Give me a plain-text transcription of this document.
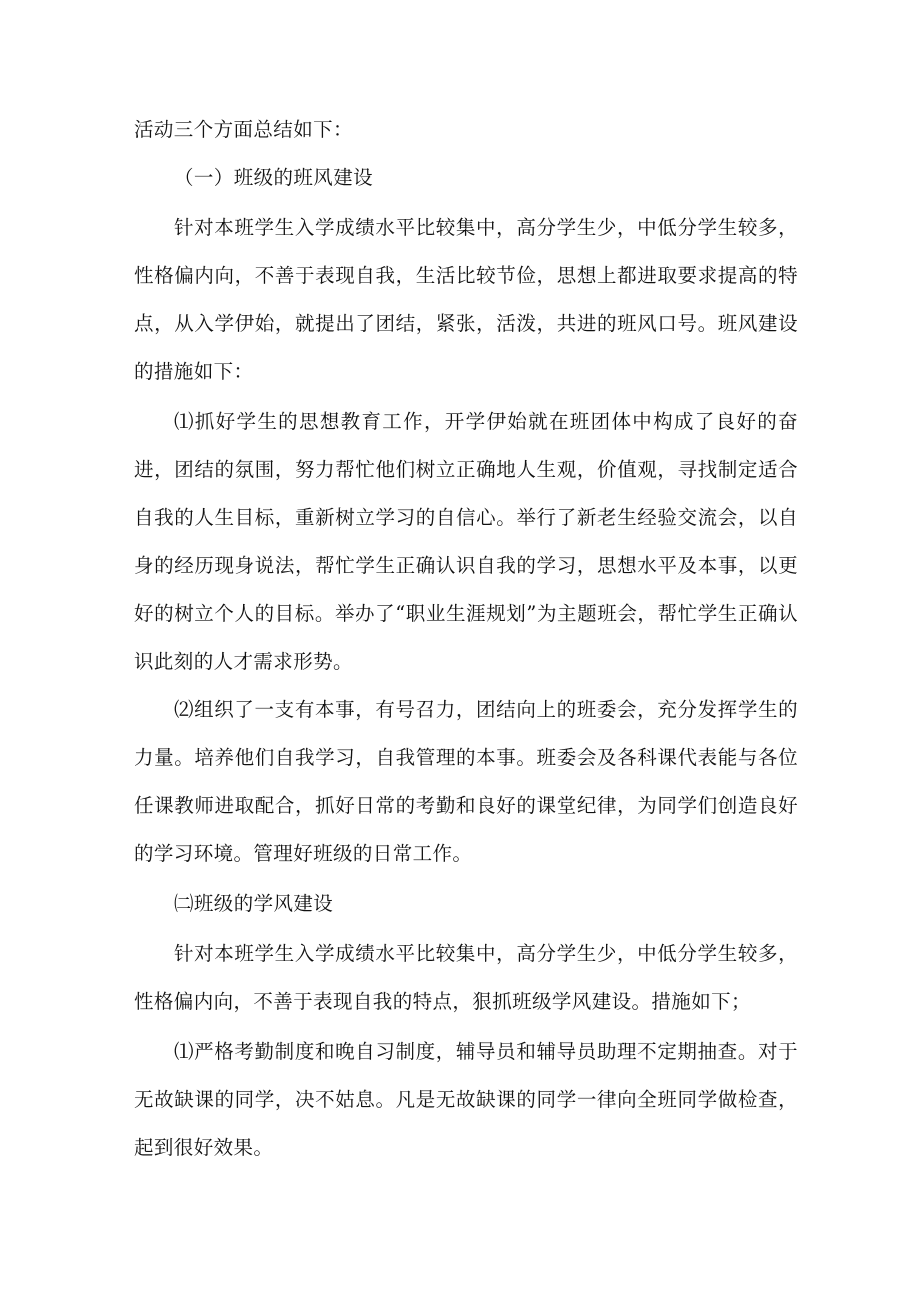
活动三个方面总结如下：

（一）班级的班风建设

针对本班学生入学成绩水平比较集中，高分学生少，中低分学生较多，性格偏内向，不善于表现自我，生活比较节俭，思想上都进取要求提高的特点，从入学伊始，就提出了团结，紧张，活泼，共进的班风口号。班风建设的措施如下：

⑴抓好学生的思想教育工作，开学伊始就在班团体中构成了良好的奋进，团结的氛围，努力帮忙他们树立正确地人生观，价值观，寻找制定适合自我的人生目标，重新树立学习的自信心。举行了新老生经验交流会，以自身的经历现身说法，帮忙学生正确认识自我的学习，思想水平及本事，以更好的树立个人的目标。举办了“职业生涯规划”为主题班会，帮忙学生正确认识此刻的人才需求形势。

⑵组织了一支有本事，有号召力，团结向上的班委会，充分发挥学生的力量。培养他们自我学习，自我管理的本事。班委会及各科课代表能与各位任课教师进取配合，抓好日常的考勤和良好的课堂纪律，为同学们创造良好的学习环境。管理好班级的日常工作。

㈡班级的学风建设

针对本班学生入学成绩水平比较集中，高分学生少，中低分学生较多，性格偏内向，不善于表现自我的特点，狠抓班级学风建设。措施如下；

⑴严格考勤制度和晚自习制度，辅导员和辅导员助理不定期抽查。对于无故缺课的同学，决不姑息。凡是无故缺课的同学一律向全班同学做检查，起到很好效果。
